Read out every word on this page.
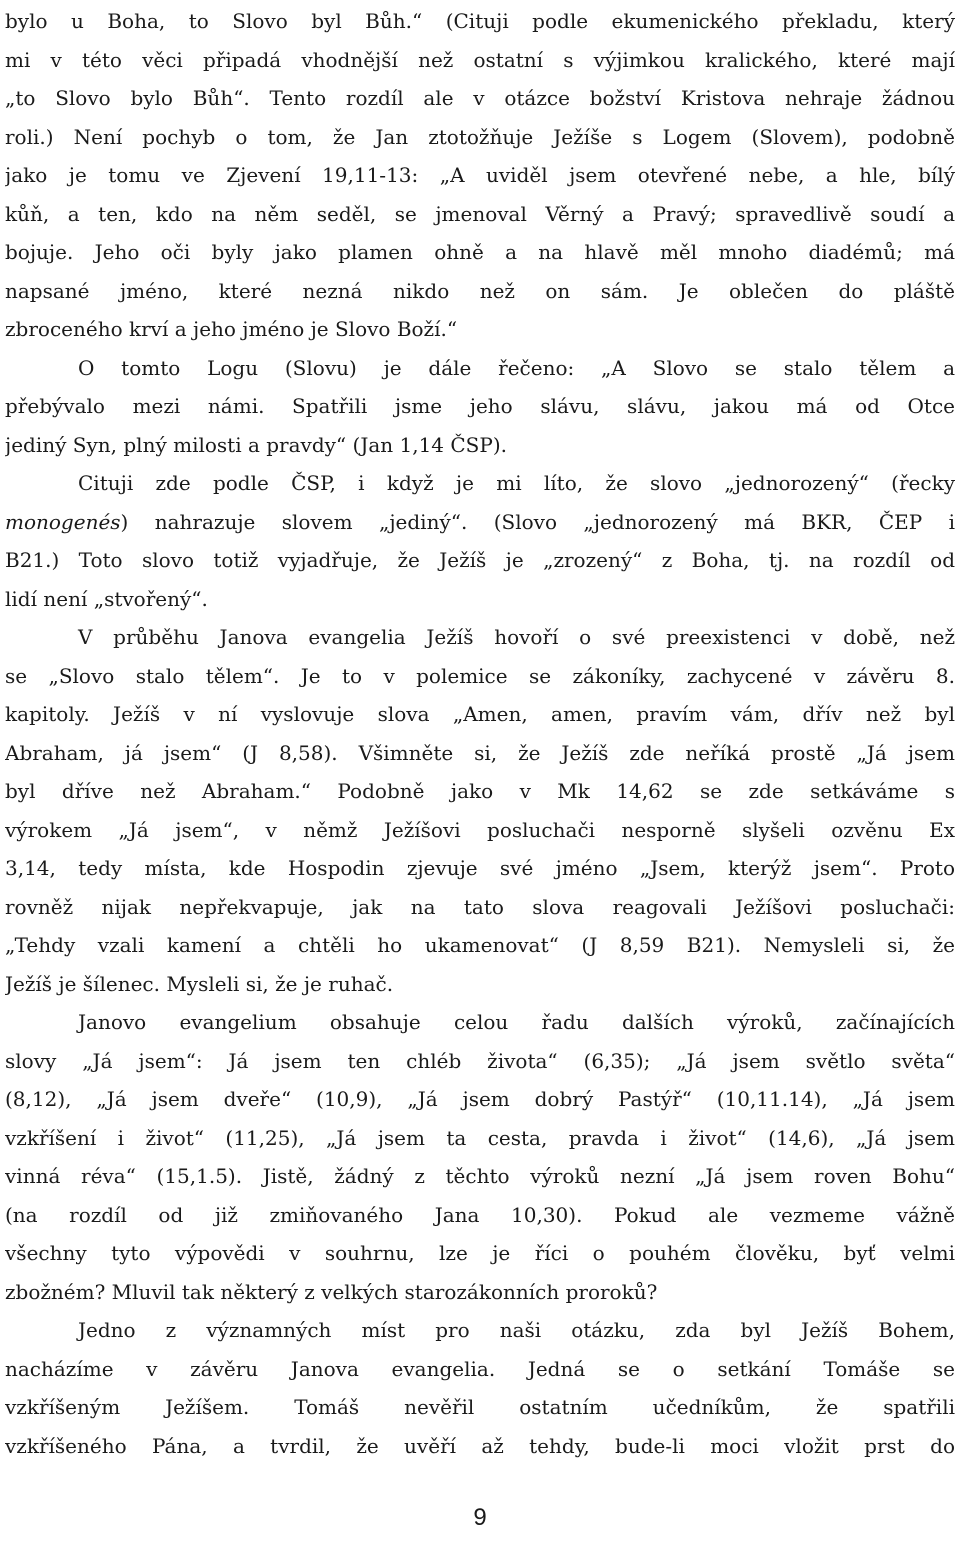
bylo u Boha, to Slovo byl Bůh.“ (Cituji podle ekumenického překladu, který
mi v této věci připadá vhodnější než ostatní s výjimkou kralického, které mají
„to Slovo bylo Bůh“. Tento rozdíl ale v otázce božství Kristova nehraje žádnou
roli.) Není pochyb o tom, že Jan ztotožňuje Ježíše s Logem (Slovem), podobně
jako je tomu ve Zjevení 19,11-13: „A uviděl jsem otevřené nebe, a hle, bílý
kůň, a ten, kdo na něm seděl, se jmenoval Věrný a Pravý; spravedlivě soudí a
bojuje. Jeho oči byly jako plamen ohně a na hlavě měl mnoho diadémů; má
napsané jméno, které nezná nikdo než on sám. Je oblečen do pláště
zbroceného krví a jeho jméno je Slovo Boží.“
O tomto Logu (Slovu) je dále řečeno: „A Slovo se stalo tělem a
přebývalo mezi námi. Spatřili jsme jeho slávu, slávu, jakou má od Otce
jediný Syn, plný milosti a pravdy“ (Jan 1,14 ČSP).
Cituji zde podle ČSP, i když je mi líto, že slovo „jednorozený“ (řecky
monogenés) nahrazuje slovem „jediný“. (Slovo „jednorozený má BKR, ČEP i
B21.) Toto slovo totiž vyjadřuje, že Ježíš je „zrozený“ z Boha, tj. na rozdíl od
lidí není „stvořený“.
V průběhu Janova evangelia Ježíš hovoří o své preexistenci v době, než
se „Slovo stalo tělem“. Je to v polemice se zákoníky, zachycené v závěru 8.
kapitoly. Ježíš v ní vyslovuje slova „Amen, amen, pravím vám, dřív než byl
Abraham, já jsem“ (J 8,58). Všimněte si, že Ježíš zde neříká prostě „Já jsem
byl dříve než Abraham.“ Podobně jako v Mk 14,62 se zde setkáváme s
výrokem „Já jsem“, v němž Ježíšovi posluchači nesporně slyšeli ozvěnu Ex
3,14, tedy místa, kde Hospodin zjevuje své jméno „Jsem, kterýž jsem“. Proto
rovněž nijak nepřekvapuje, jak na tato slova reagovali Ježíšovi posluchači:
„Tehdy vzali kamení a chtěli ho ukamenovat“ (J 8,59 B21). Nemysleli si, že
Ježíš je šílenec. Mysleli si, že je ruhač.
Janovo evangelium obsahuje celou řadu dalších výroků, začínajících
slovy „Já jsem“: Já jsem ten chléb života“ (6,35); „Já jsem světlo světa“
(8,12), „Já jsem dveře“ (10,9), „Já jsem dobrý Pastýř“ (10,11.14), „Já jsem
vzkříšení i život“ (11,25), „Já jsem ta cesta, pravda i život“ (14,6), „Já jsem
vinná réva“ (15,1.5). Jistě, žádný z těchto výroků nezní „Já jsem roven Bohu“
(na rozdíl od již zmiňovaného Jana 10,30). Pokud ale vezmeme vážně
všechny tyto výpovědi v souhrnu, lze je říci o pouhém člověku, byť velmi
zbožném? Mluvil tak některý z velkých starozákonních proroků?
Jedno z významných míst pro naši otázku, zda byl Ježíš Bohem,
nacházíme v závěru Janova evangelia. Jedná se o setkání Tomáše se
vzkříšeným Ježíšem. Tomáš nevěřil ostatním učedníkům, že spatřili
vzkříšeného Pána, a tvrdil, že uvěří až tehdy, bude-li moci vložit prst do
9
